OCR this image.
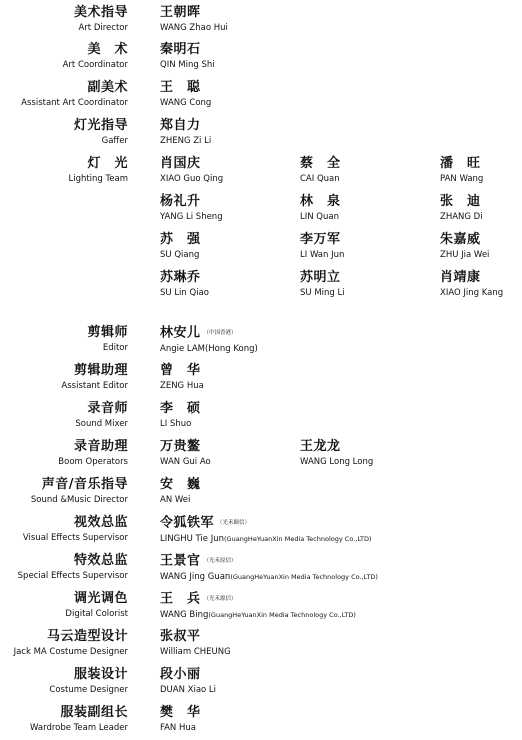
美术指导
Art Director
王朝晖
WANG Zhao Hui
美　术
Art Coordinator
秦明石
QIN Ming Shi
副美术
Assistant Art Coordinator
王　聪
WANG Cong
灯光指导
Gaffer
郑自力
ZHENG Zi Li
灯　光
Lighting Team
肖国庆
XIAO Guo Qing
蔡　全
CAI Quan
潘　旺
PAN Wang
杨礼升
YANG Li Sheng
林　泉
LIN Quan
张　迪
ZHANG Di
苏　强
SU Qiang
李万军
LI Wan Jun
朱嘉威
ZHU Jia Wei
苏琳乔
SU Lin Qiao
苏明立
SU Ming Li
肖靖康
XIAO Jing Kang
剪辑师
Editor
林安儿 （中国香港）
Angie LAM(Hong Kong)
剪辑助理
Assistant Editor
曾　华
ZENG Hua
录音师
Sound Mixer
李　硕
LI Shuo
录音助理
Boom Operators
万贵鳌
WAN Gui Ao
王龙龙
WANG Long Long
声音/音乐指导
Sound &Music Director
安　巍
AN Wei
视效总监
Visual Effects Supervisor
令狐铁军 （光禾颐信）
LINGHU Tie Jun(GuangHeYuanXin Media Technology Co.,LTD)
特效总监
Special Effects Supervisor
王景官 （光禾原信）
WANG Jing Guan(GuangHeYuanXin Media Technology Co.,LTD)
调光调色
Digital Colorist
王　兵 （光禾源信）
WANG Bing(GuangHeYuanXin Media Technology Co.,LTD)
马云造型设计
Jack MA Costume Designer
张叔平
William CHEUNG
服装设计
Costume Designer
段小丽
DUAN Xiao Li
服装副组长
Wardrobe Team Leader
樊　华
FAN Hua
